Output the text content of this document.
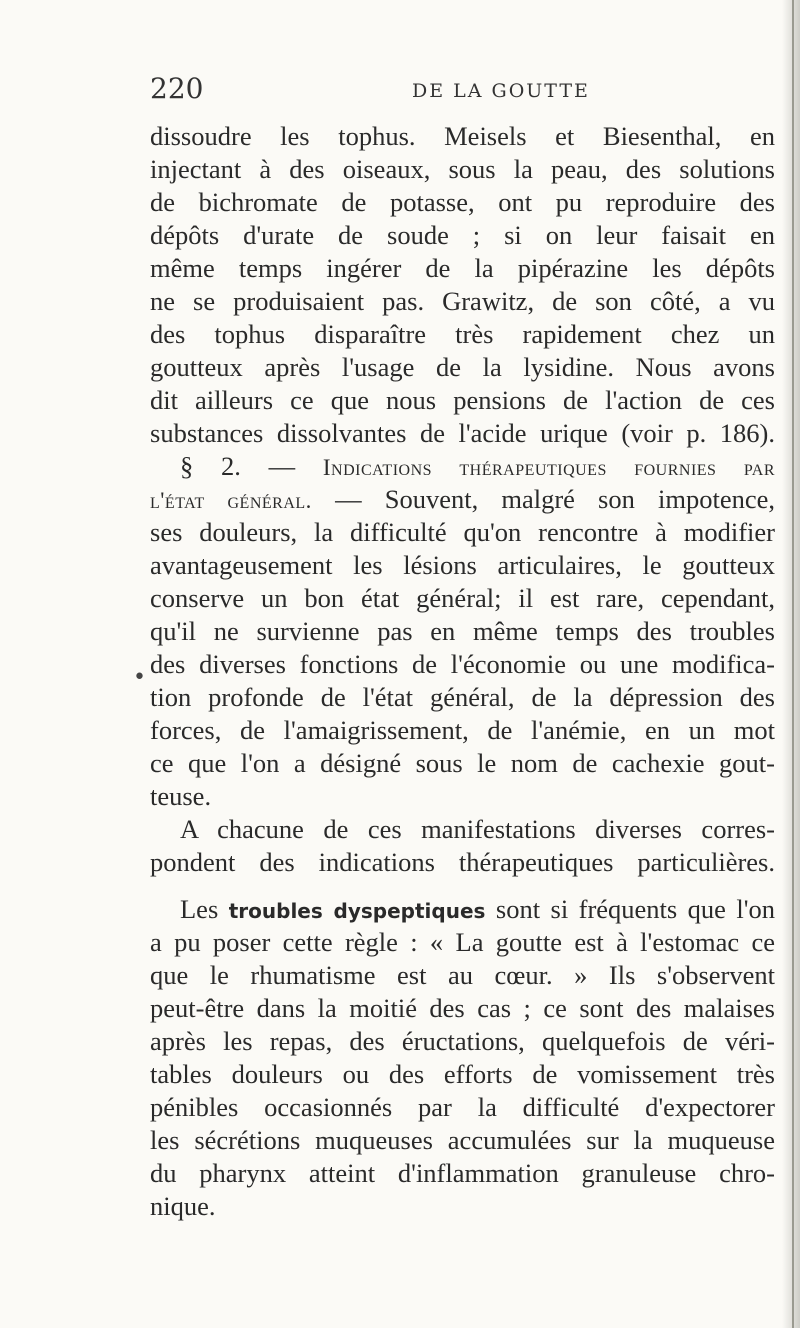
220	DE LA GOUTTE
•
dissoudre les tophus. Meisels et Biesenthal, en
injectant à des oiseaux, sous la peau, des solutions
de bichromate de potasse, ont pu reproduire des
dépôts d'urate de soude ; si on leur faisait en
même temps ingérer de la pipérazine les dépôts
ne se produisaient pas. Grawitz, de son côté, a vu
des tophus disparaître très rapidement chez un
goutteux après l'usage de la lysidine. Nous avons
dit ailleurs ce que nous pensions de l'action de ces
substances dissolvantes de l'acide urique (voir p. 186).
§ 2. — Indications thérapeutiques fournies par
l'état général. — Souvent, malgré son impotence,
ses douleurs, la difficulté qu'on rencontre à modifier
avantageusement les lésions articulaires, le goutteux
conserve un bon état général; il est rare, cependant,
qu'il ne survienne pas en même temps des troubles
des diverses fonctions de l'économie ou une modifica-
tion profonde de l'état général, de la dépression des
forces, de l'amaigrissement, de l'anémie, en un mot
ce que l'on a désigné sous le nom de cachexie gout-
teuse.
A chacune de ces manifestations diverses corres-
pondent des indications thérapeutiques particulières.
Les troubles dyspeptiques sont si fréquents que l'on
a pu poser cette règle : « La goutte est à l'estomac ce
que le rhumatisme est au cœur. » Ils s'observent
peut-être dans la moitié des cas ; ce sont des malaises
après les repas, des éructations, quelquefois de véri-
tables douleurs ou des efforts de vomissement très
pénibles occasionnés par la difficulté d'expectorer
les sécrétions muqueuses accumulées sur la muqueuse
du pharynx atteint d'inflammation granuleuse chro-
nique.
